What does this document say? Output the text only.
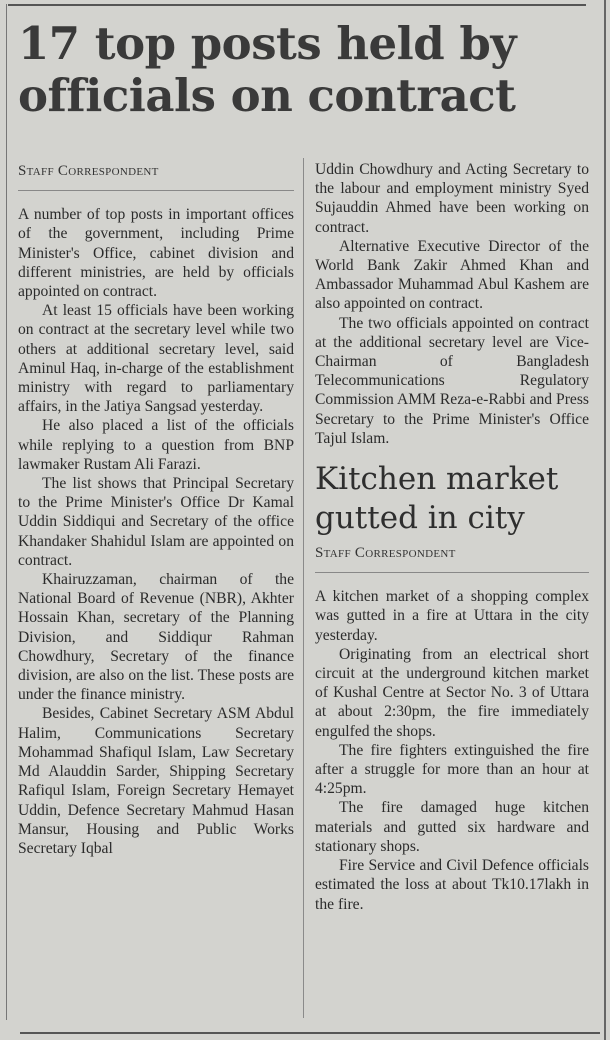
17 top posts held by officials on contract
Staff Correspondent

A number of top posts in important offices of the government, including Prime Minister's Office, cabinet division and different ministries, are held by officials appointed on contract.

At least 15 officials have been working on contract at the secretary level while two others at additional secretary level, said Aminul Haq, in-charge of the establishment ministry with regard to parliamentary affairs, in the Jatiya Sangsad yesterday.

He also placed a list of the officials while replying to a question from BNP lawmaker Rustam Ali Farazi.

The list shows that Principal Secretary to the Prime Minister's Office Dr Kamal Uddin Siddiqui and Secretary of the office Khandaker Shahidul Islam are appointed on contract.

Khairuzzaman, chairman of the National Board of Revenue (NBR), Akhter Hossain Khan, secretary of the Planning Division, and Siddiqur Rahman Chowdhury, Secretary of the finance division, are also on the list. These posts are under the finance ministry.

Besides, Cabinet Secretary ASM Abdul Halim, Communications Secretary Mohammad Shafiqul Islam, Law Secretary Md Alauddin Sarder, Shipping Secretary Rafiqul Islam, Foreign Secretary Hemayet Uddin, Defence Secretary Mahmud Hasan Mansur, Housing and Public Works Secretary Iqbal

Uddin Chowdhury and Acting Secretary to the labour and employment ministry Syed Sujauddin Ahmed have been working on contract.

Alternative Executive Director of the World Bank Zakir Ahmed Khan and Ambassador Muhammad Abul Kashem are also appointed on contract.

The two officials appointed on contract at the additional secretary level are Vice-Chairman of Bangladesh Telecommunications Regulatory Commission AMM Reza-e-Rabbi and Press Secretary to the Prime Minister's Office Tajul Islam.

Kitchen market gutted in city
Staff Correspondent

A kitchen market of a shopping complex was gutted in a fire at Uttara in the city yesterday.

Originating from an electrical short circuit at the underground kitchen market of Kushal Centre at Sector No. 3 of Uttara at about 2:30pm, the fire immediately engulfed the shops.

The fire fighters extinguished the fire after a struggle for more than an hour at 4:25pm.

The fire damaged huge kitchen materials and gutted six hardware and stationary shops.

Fire Service and Civil Defence officials estimated the loss at about Tk10.17lakh in the fire.
